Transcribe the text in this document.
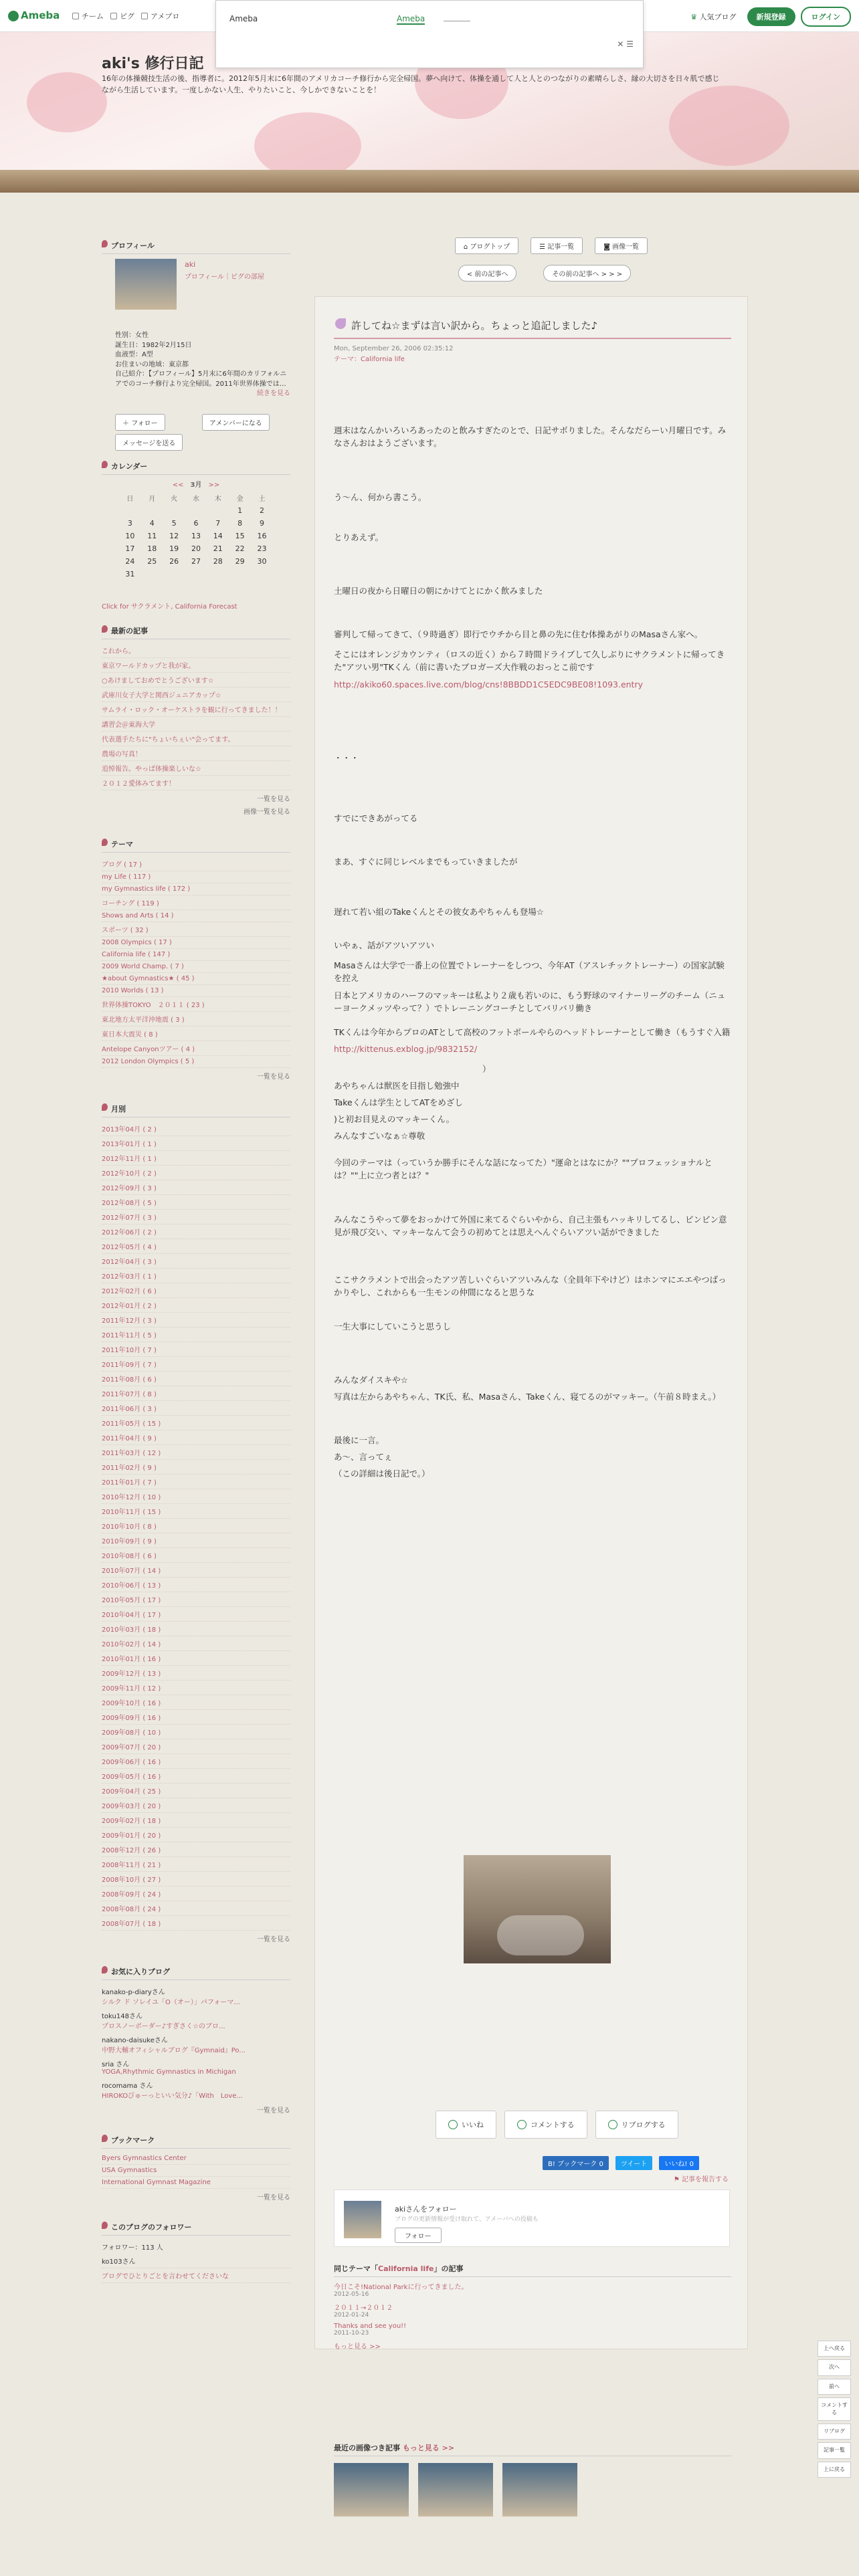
Ameba	チーム ピグ アメプロ	♛ 人気ブログ	新規登録	ログイン
Ameba	Ameba
✕ ☰
aki's 修行日記
16年の体操競技生活の後、指導者に。2012年5月末に6年間のアメリカコーチ修行から完全帰国。夢へ向けて、体操を通して人と人とのつながりの素晴らしさ、縁の大切さを日々肌で感じながら生活しています。一度しかない人生、やりたいこと、今しかできないことを！
プロフィール
aki
プロフィール｜ピグの部屋
性別：女性
誕生日：1982年2月15日
血液型：A型
お住まいの地域：東京都
自己紹介：【プロフィール】5月末に6年間のカリフォルニアでのコーチ修行より完全帰国。2011年世界体操では…
続きを見る
＋ フォロー	アメンバーになる
メッセージを送る
カレンダー
<<　 3月　 >>
日	月	火	水	木	金	土
					1	2
3	4	5	6	7	8	9
10	11	12	13	14	15	16
17	18	19	20	21	22	23
24	25	26	27	28	29	30
31						
Click for サクラメント, California Forecast
最新の記事
これから。
東京ワールドカップと我が家。
○あけましておめでとうございます☆
武庫川女子大学と関西ジュニアカップ☆
サムライ・ロック・オーケストラを観に行ってきました！！
講習会＠東海大学
代表選手たちに"ちょいちぇい"会ってます。
農場の写真！
追悼報告。やっぱ体操楽しいな☆
２０１２愛体みてます！
一覧を見る
画像一覧を見る
テーマ
ブログ ( 17 )
my Life ( 117 )
my Gymnastics life ( 172 )
コーチング ( 119 )
Shows and Arts ( 14 )
スポーツ ( 32 )
2008 Olympics ( 17 )
California life ( 147 )
2009 World Champ. ( 7 )
★about Gymnastics★ ( 45 )
2010 Worlds ( 13 )
世界体操TOKYO　２０１１ ( 23 )
東北地方太平洋沖地震 ( 3 )
東日本大震災 ( 8 )
Antelope Canyonツアー ( 4 )
2012 London Olympics ( 5 )
一覧を見る
月別
2013年04月 ( 2 )
2013年01月 ( 1 )
2012年11月 ( 1 )
2012年10月 ( 2 )
2012年09月 ( 3 )
2012年08月 ( 5 )
2012年07月 ( 3 )
2012年06月 ( 2 )
2012年05月 ( 4 )
2012年04月 ( 3 )
2012年03月 ( 1 )
2012年02月 ( 6 )
2012年01月 ( 2 )
2011年12月 ( 3 )
2011年11月 ( 5 )
2011年10月 ( 7 )
2011年09月 ( 7 )
2011年08月 ( 6 )
2011年07月 ( 8 )
2011年06月 ( 3 )
2011年05月 ( 15 )
2011年04月 ( 9 )
2011年03月 ( 12 )
2011年02月 ( 9 )
2011年01月 ( 7 )
2010年12月 ( 10 )
2010年11月 ( 15 )
2010年10月 ( 8 )
2010年09月 ( 9 )
2010年08月 ( 6 )
2010年07月 ( 14 )
2010年06月 ( 13 )
2010年05月 ( 17 )
2010年04月 ( 17 )
2010年03月 ( 18 )
2010年02月 ( 14 )
2010年01月 ( 16 )
2009年12月 ( 13 )
2009年11月 ( 12 )
2009年10月 ( 16 )
2009年09月 ( 16 )
2009年08月 ( 10 )
2009年07月 ( 20 )
2009年06月 ( 16 )
2009年05月 ( 16 )
2009年04月 ( 25 )
2009年03月 ( 20 )
2009年02月 ( 18 )
2009年01月 ( 20 )
2008年12月 ( 26 )
2008年11月 ( 21 )
2008年10月 ( 27 )
2008年09月 ( 24 )
2008年08月 ( 24 )
2008年07月 ( 18 )
一覧を見る
お気に入りブログ
kanako-p-diaryさん
シルク ド ソレイユ「O（オー）」パフォーマ...
toku148さん
プロスノーボーダー♪すぎさく☆のブロ...
nakano-daisukeさん
中野大輔オフィシャルブログ『Gymnaid』Po...
sria さん
YOGA,Rhythmic Gymnastics in Michigan
rocomama さん
HIROKOびゅーっといい気分♪「With　Love...
一覧を見る
ブックマーク
Byers Gymnastics Center
USA Gymnastics
International Gymnast Magazine
一覧を見る
このブログのフォロワー
フォロワー：113 人
ko103さん
ブログでひとりごとを言わせてくださいな
⌂ ブログトップ	☰ 記事一覧	◙ 画像一覧
< 前の記事へ	その前の記事へ > > >
許してね☆まずは言い訳から。ちょっと追記しました♪
Mon, September 26, 2006 02:35:12
テーマ：California life

週末はなんかいろいろあったのと飲みすぎたのとで、日記サボりました。そんなだらーい月曜日です。みなさんおはようございます。

う〜ん、何から書こう。

とりあえず。

土曜日の夜から日曜日の朝にかけてとにかく飲みました

審判して帰ってきて、（９時過ぎ）即行でウチから目と鼻の先に住む体操あがりのMasaさん家へ。

そこにはオレンジカウンティ（ロスの近く）から７時間ドライブして久しぶりにサクラメントに帰ってきた"アツい男"TKくん（前に書いたブロガーズ大作戦のおっとこ前です

http://akiko60.spaces.live.com/blog/cns!8BBDD1C5EDC9BE08!1093.entry

・・・

すでにできあがってる

まあ、すぐに同じレベルまでもっていきましたが

遅れて若い組のTakeくんとその彼女あやちゃんも登場☆

いやぁ、話がアツいアツい

Masaさんは大学で一番上の位置でトレーナーをしつつ、今年AT（アスレチックトレーナー）の国家試験を控え

日本とアメリカのハーフのマッキーは私より２歳も若いのに、もう野球のマイナーリーグのチーム（ニューヨークメッツやって？）でトレーニングコーチとしてバリバリ働き

TKくんは今年からプロのATとして高校のフットボールやらのヘッドトレーナーとして働き（もうすぐ入籍

http://kittenus.exblog.jp/9832152/

あやちゃんは獣医を目指し勉強中

みんなすごいなぁ☆尊敬

今回のテーマは（っていうか勝手にそんな話になってた）"運命とはなにか？""プロフェッショナルとは？""上に立つ者とは？"

みんなこうやって夢をおっかけて外国に来てるぐらいやから、自己主張もハッキリしてるし、ビンビン意見が飛び交い、マッキーなんて会うの初めてとは思えへんぐらいアツい話ができました

ここサクラメントで出会ったアツ苦しいぐらいアツいみんな（全員年下やけど）はホンマにエエやつばっかりやし、これからも一生モンの仲間になると思うな

一生大事にしていこうと思うし

みんなダイスキや☆

写真は左からあやちゃん、TK氏、私、Masaさん、Takeくん、寝てるのがマッキー。（午前８時まえ。）

最後に一言。

あ〜、言ってぇ

（この詳細は後日記で。）

)と初お目見えのマッキーくん。

）

Takeくんは学生としてATをめざし

いいね	コメントする	リブログする
B! ブックマーク 0	ツイート	いいね! 0
⚑ 記事を報告する
akiさんをフォロー
ブログの更新情報が受け取れて、アメーバへの投稿も
フォロー
同じテーマ「California life」の記事
今日こそ!National Parkに行ってきました。
2012-05-16
２０１１→２０１２
2012-01-24
Thanks and see you!!
2011-10-23
もっと見る >>
最近の画像つき記事 もっと見る >>
上へ戻る
次へ
前へ
コメントする
リブログ
記事一覧
上に戻る
